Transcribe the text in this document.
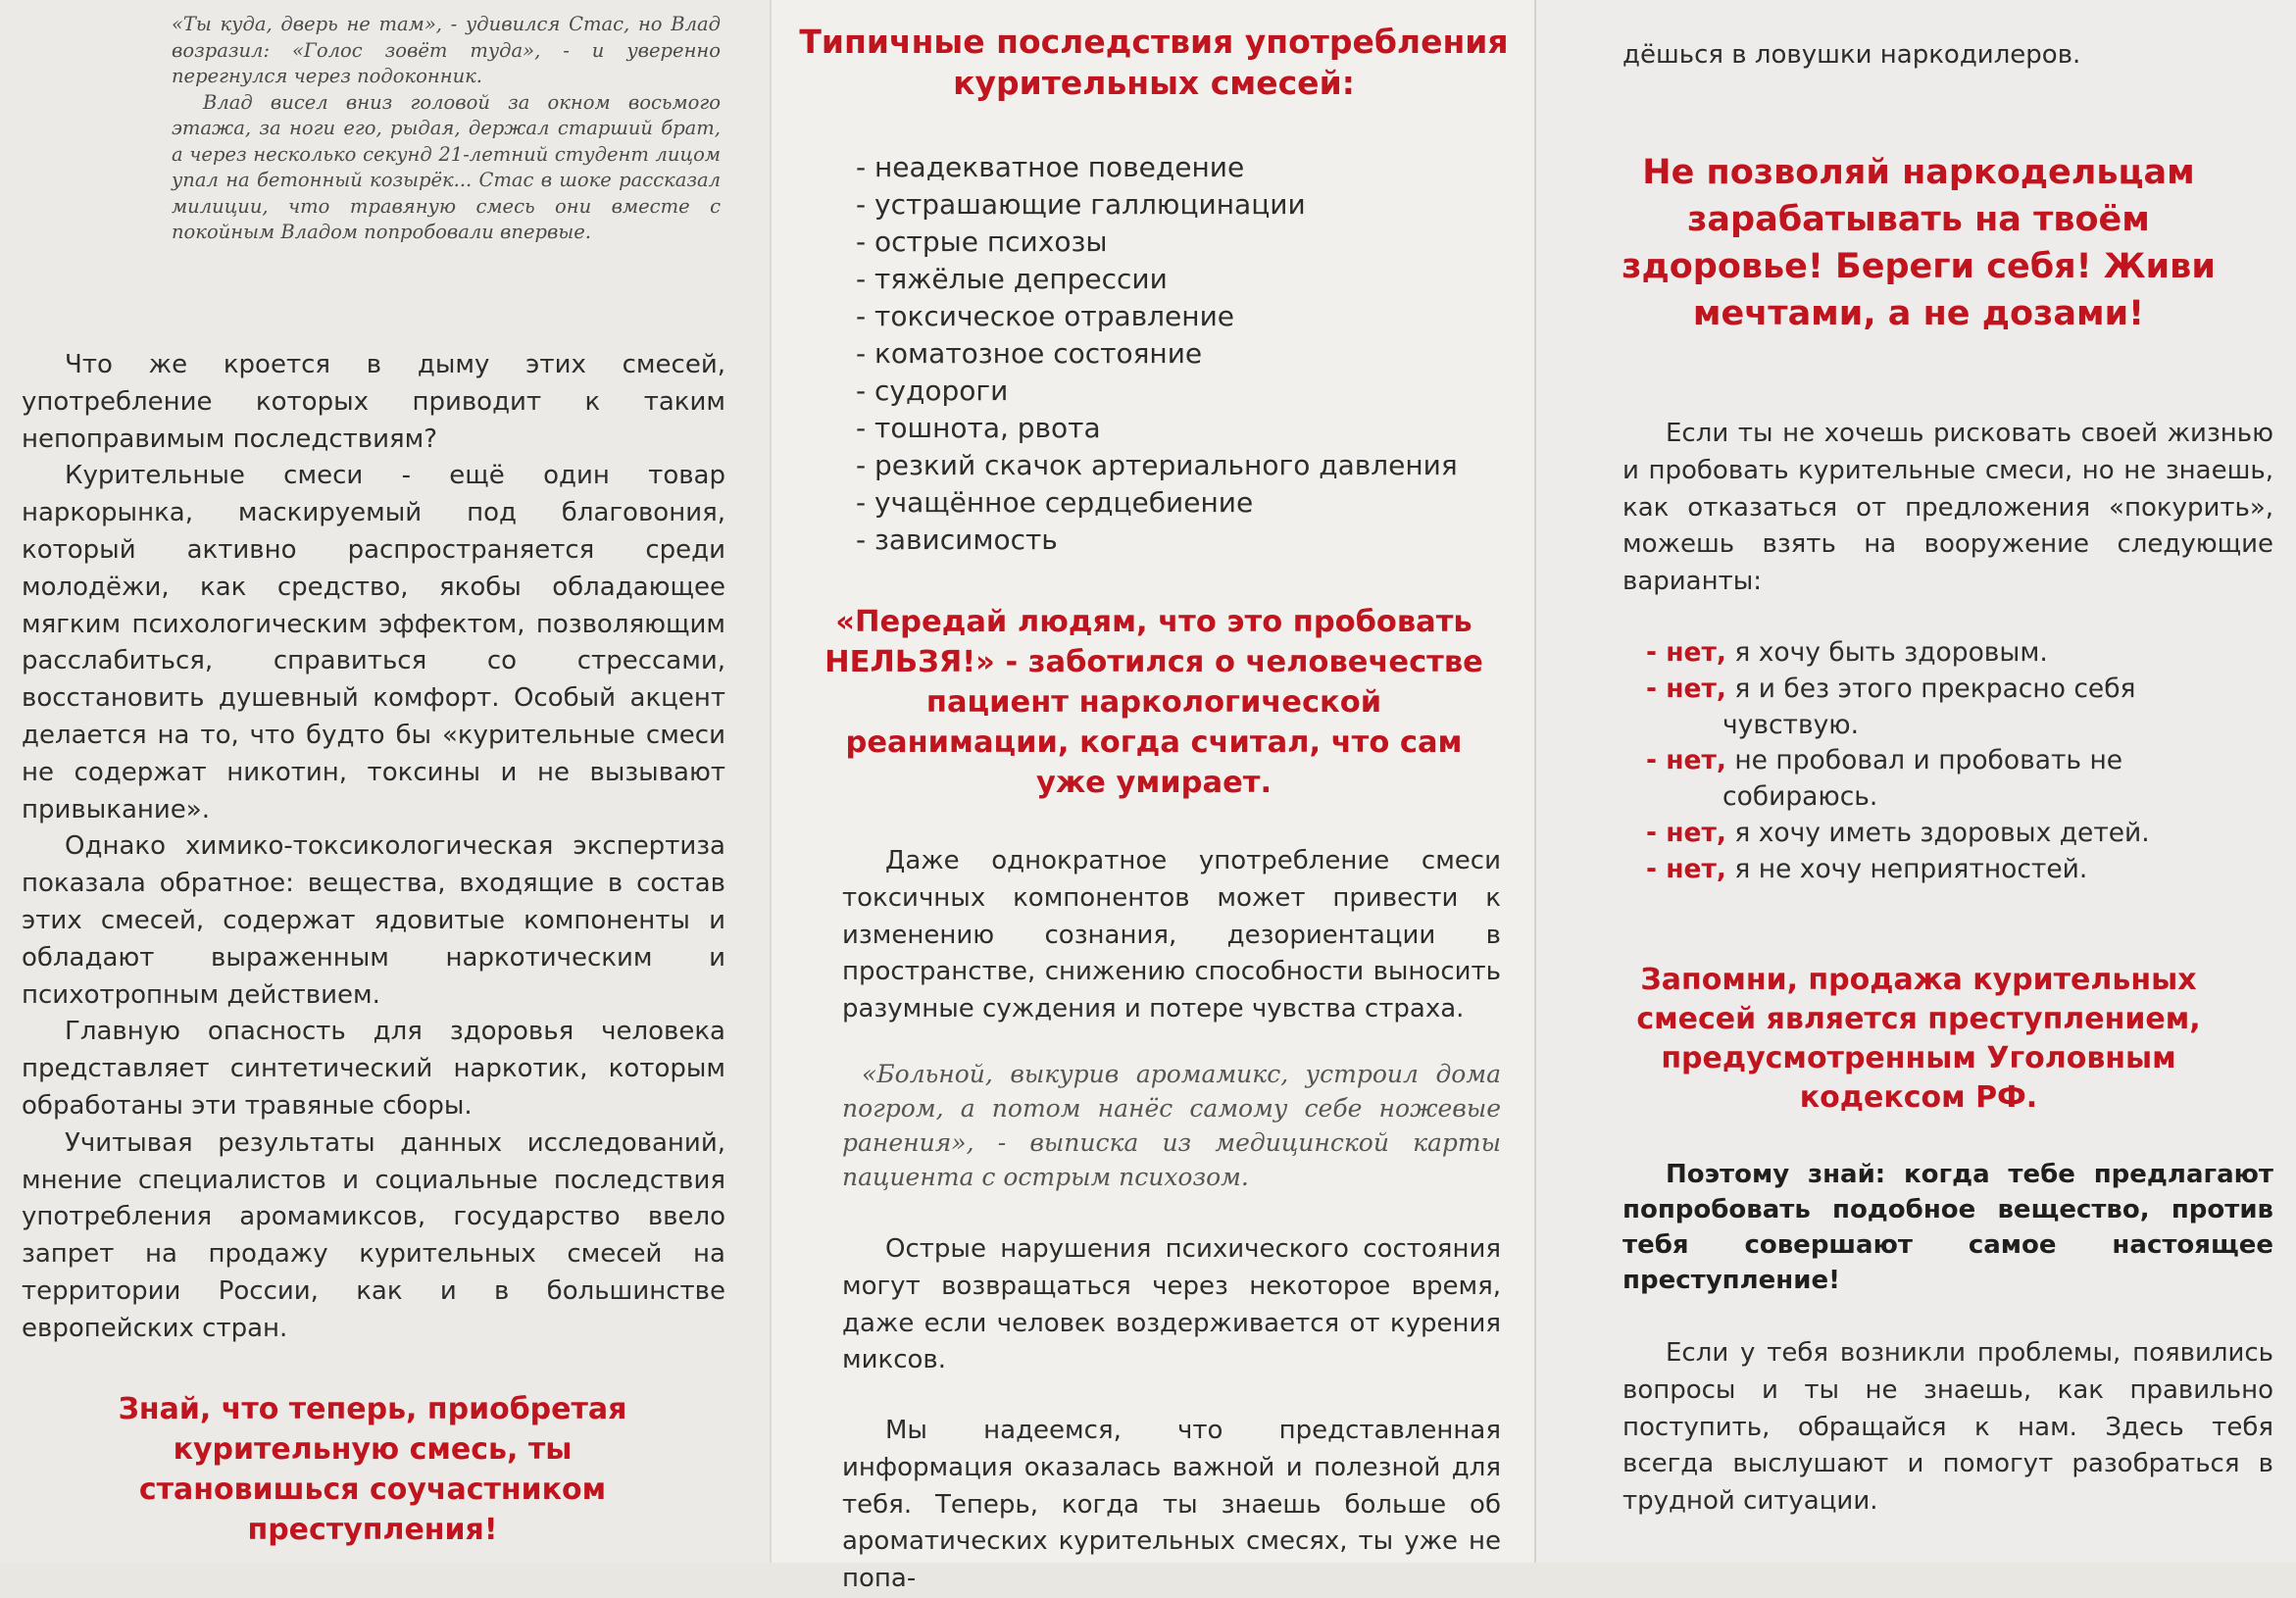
«Ты куда, дверь не там», - удивился Стас, но Влад возразил: «Голос зовёт туда», - и уверенно перегнулся через подоконник.

Влад висел вниз головой за окном восьмого этажа, за ноги его, рыдая, держал старший брат, а через несколько секунд 21-летний студент лицом упал на бетонный козырёк... Стас в шоке рассказал милиции, что травяную смесь они вместе с покойным Владом попробовали впервые.

Что же кроется в дыму этих смесей, употребление которых приводит к таким непоправимым последствиям?

Курительные смеси - ещё один товар наркорынка, маскируемый под благовония, который активно распространяется среди молодёжи, как средство, якобы обладающее мягким психологическим эффектом, позволяющим расслабиться, справиться со стрессами, восстановить душевный комфорт. Особый акцент делается на то, что будто бы «курительные смеси не содержат никотин, токсины и не вызывают привыкание».

Однако химико-токсикологическая экспертиза показала обратное: вещества, входящие в состав этих смесей, содержат ядовитые компоненты и обладают выраженным наркотическим и психотропным действием.

Главную опасность для здоровья человека представляет синтетический наркотик, которым обработаны эти травяные сборы.

Учитывая результаты данных исследований, мнение специалистов и социальные последствия употребления аромамиксов, государство ввело запрет на продажу курительных смесей на территории России, как и в большинстве европейских стран.

Знай, что теперь, приобретая курительную смесь, ты становишься соучастником преступления!

Типичные последствия употребления курительных смесей:

- неадекватное поведение
- устрашающие галлюцинации
- острые психозы
- тяжёлые депрессии
- токсическое отравление
- коматозное состояние
- судороги
- тошнота, рвота
- резкий скачок артериального давления
- учащённое сердцебиение
- зависимость

«Передай людям, что это пробовать НЕЛЬЗЯ!» - заботился о человечестве пациент наркологической реанимации, когда считал, что сам уже умирает.

Даже однократное употребление смеси токсичных компонентов может привести к изменению сознания, дезориентации в пространстве, снижению способности выносить разумные суждения и потере чувства страха.

«Больной, выкурив аромамикс, устроил дома погром, а потом нанёс самому себе ножевые ранения», - выписка из медицинской карты пациента с острым психозом.

Острые нарушения психического состояния могут возвращаться через некоторое время, даже если человек воздерживается от курения миксов.

Мы надеемся, что представленная информация оказалась важной и полезной для тебя. Теперь, когда ты знаешь больше об ароматических курительных смесях, ты уже не попа-

дёшься в ловушки наркодилеров.

Не позволяй наркодельцам зарабатывать на твоём здоровье! Береги себя! Живи мечтами, а не дозами!

Если ты не хочешь рисковать своей жизнью и пробовать курительные смеси, но не знаешь, как отказаться от предложения «покурить», можешь взять на вооружение следующие варианты:

- нет, я хочу быть здоровым.
- нет, я и без этого прекрасно себя чувствую.
- нет, не пробовал и пробовать не собираюсь.
- нет, я хочу иметь здоровых детей.
- нет, я не хочу неприятностей.

Запомни, продажа курительных смесей является преступлением, предусмотренным Уголовным кодексом РФ.

Поэтому знай: когда тебе предлагают попробовать подобное вещество, против тебя совершают самое настоящее преступление!

Если у тебя возникли проблемы, появились вопросы и ты не знаешь, как правильно поступить, обращайся к нам. Здесь тебя всегда выслушают и помогут разобраться в трудной ситуации.
